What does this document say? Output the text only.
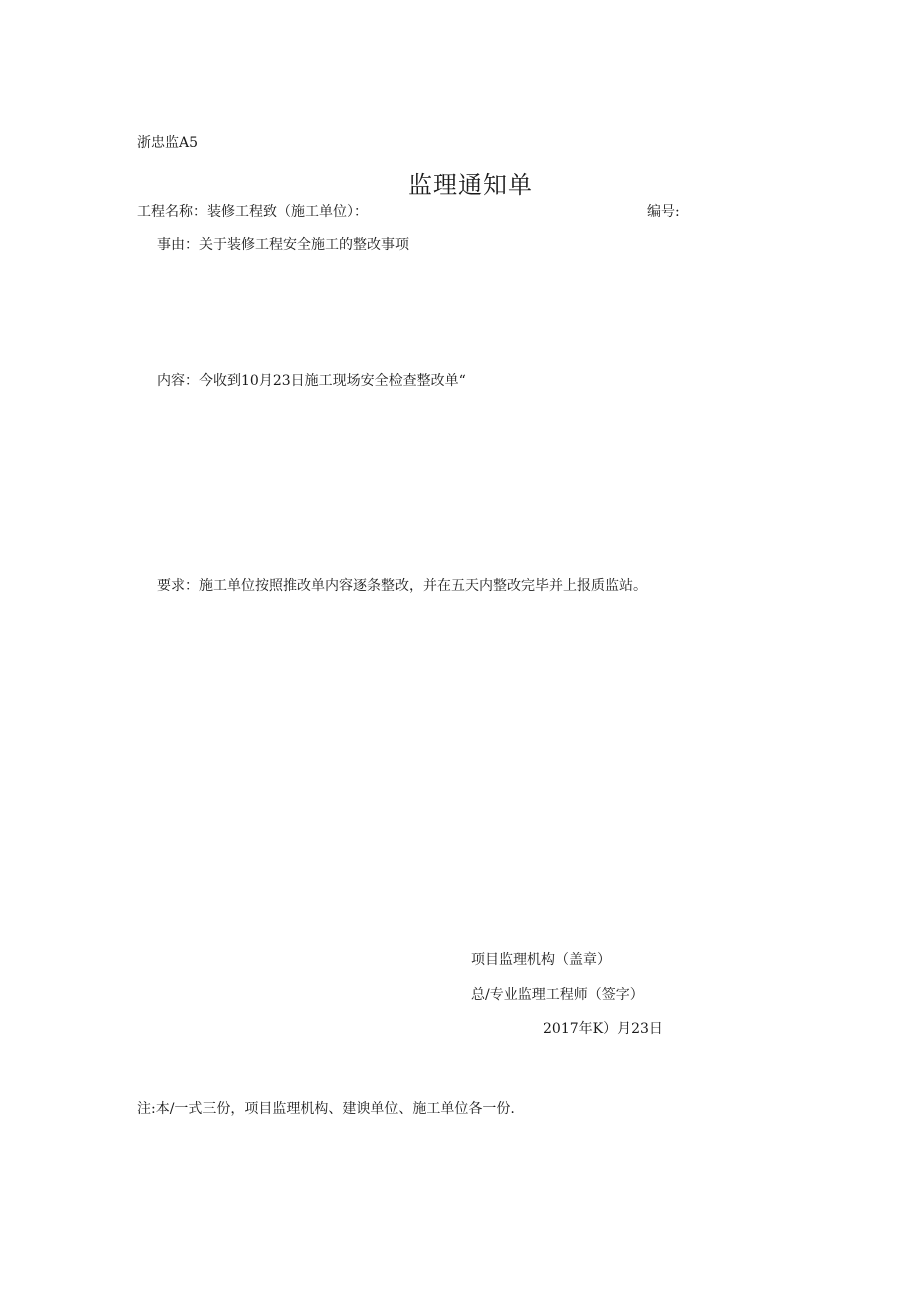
浙忠监A5
监理通知单
工程名称：装修工程致（施工单位）：	编号:
事由：关于装修工程安全施工的整改事项
内容：今收到10月23日施工现场安全检查整改单“
要求：施工单位按照推改单内容逐条整改，并在五天内整改完毕并上报质监站。
项目监理机构（盖章）
总/专业监理工程师（签字）
2017年K）月23日
注:本/一式三份，项目监理机构、建谀单位、施工单位各一份.
